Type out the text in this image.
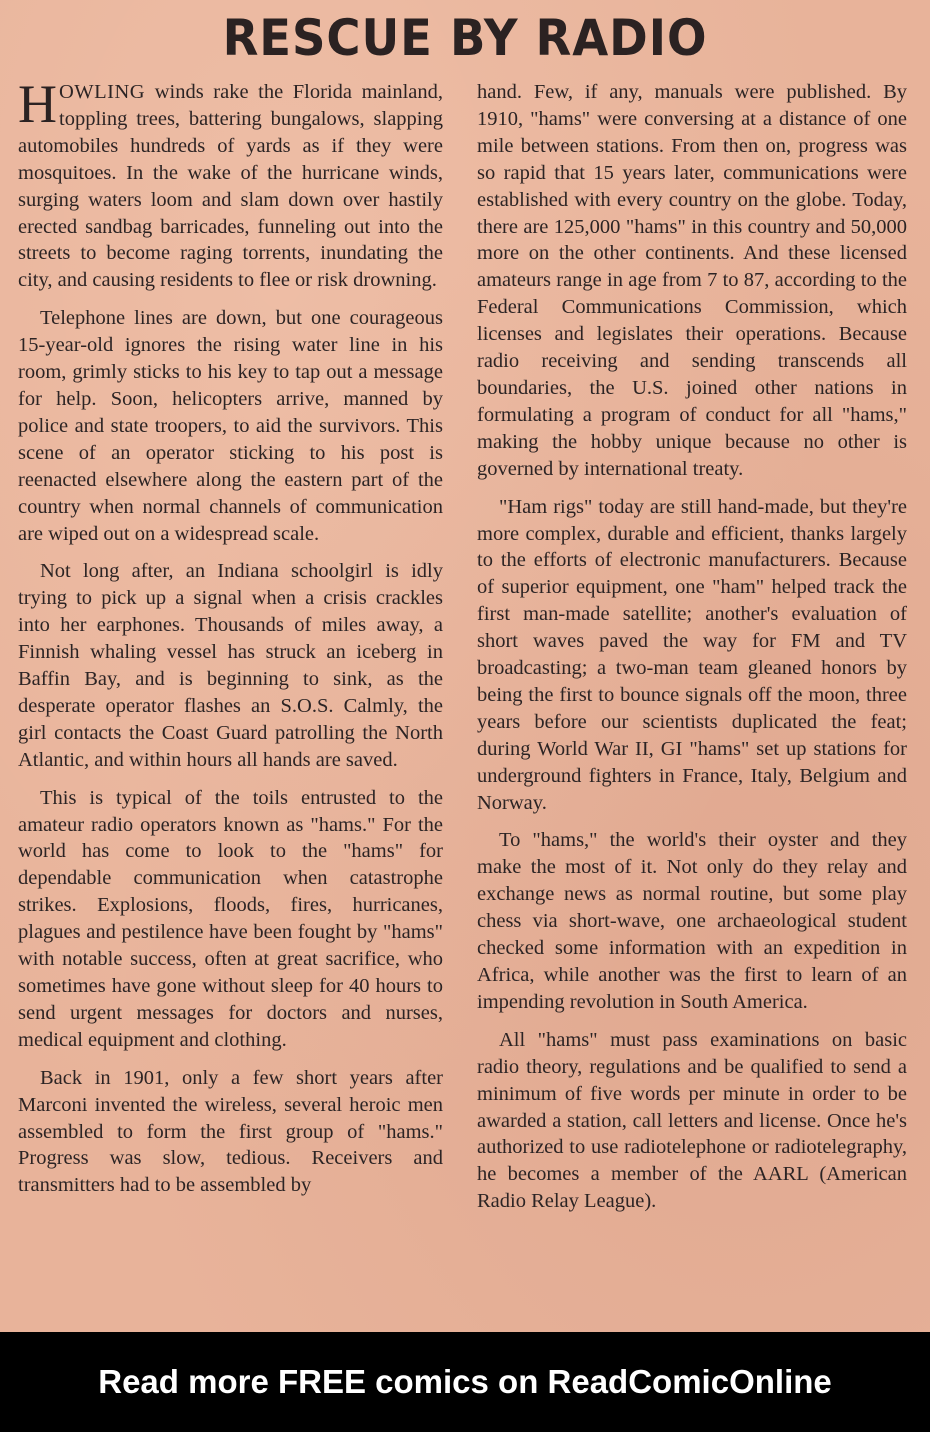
RESCUE BY RADIO

HOWLING winds rake the Florida mainland, toppling trees, battering bungalows, slapping automobiles hundreds of yards as if they were mosquitoes. In the wake of the hurricane winds, surging waters loom and slam down over hastily erected sandbag barricades, funneling out into the streets to become raging torrents, inundating the city, and causing residents to flee or risk drowning.

Telephone lines are down, but one courageous 15-year-old ignores the rising water line in his room, grimly sticks to his key to tap out a message for help. Soon, helicopters arrive, manned by police and state troopers, to aid the survivors. This scene of an operator sticking to his post is reenacted elsewhere along the eastern part of the country when normal channels of communication are wiped out on a widespread scale.

Not long after, an Indiana schoolgirl is idly trying to pick up a signal when a crisis crackles into her earphones. Thousands of miles away, a Finnish whaling vessel has struck an iceberg in Baffin Bay, and is beginning to sink, as the desperate operator flashes an S.O.S. Calmly, the girl contacts the Coast Guard patrolling the North Atlantic, and within hours all hands are saved.

This is typical of the toils entrusted to the amateur radio operators known as "hams." For the world has come to look to the "hams" for dependable communication when catastrophe strikes. Explosions, floods, fires, hurricanes, plagues and pestilence have been fought by "hams" with notable success, often at great sacrifice, who sometimes have gone without sleep for 40 hours to send urgent messages for doctors and nurses, medical equipment and clothing.

Back in 1901, only a few short years after Marconi invented the wireless, several heroic men assembled to form the first group of "hams." Progress was slow, tedious. Receivers and transmitters had to be assembled by

hand. Few, if any, manuals were published. By 1910, "hams" were conversing at a distance of one mile between stations. From then on, progress was so rapid that 15 years later, communications were established with every country on the globe. Today, there are 125,000 "hams" in this country and 50,000 more on the other continents. And these licensed amateurs range in age from 7 to 87, according to the Federal Communications Commission, which licenses and legislates their operations. Because radio receiving and sending transcends all boundaries, the U.S. joined other nations in formulating a program of conduct for all "hams," making the hobby unique because no other is governed by international treaty.

"Ham rigs" today are still hand-made, but they're more complex, durable and efficient, thanks largely to the efforts of electronic manufacturers. Because of superior equipment, one "ham" helped track the first man-made satellite; another's evaluation of short waves paved the way for FM and TV broadcasting; a two-man team gleaned honors by being the first to bounce signals off the moon, three years before our scientists duplicated the feat; during World War II, GI "hams" set up stations for underground fighters in France, Italy, Belgium and Norway.

To "hams," the world's their oyster and they make the most of it. Not only do they relay and exchange news as normal routine, but some play chess via short-wave, one archaeological student checked some information with an expedition in Africa, while another was the first to learn of an impending revolution in South America.

All "hams" must pass examinations on basic radio theory, regulations and be qualified to send a minimum of five words per minute in order to be awarded a station, call letters and license. Once he's authorized to use radiotelephone or radiotelegraphy, he becomes a member of the AARL (American Radio Relay League).

Read more FREE comics on ReadComicOnline
